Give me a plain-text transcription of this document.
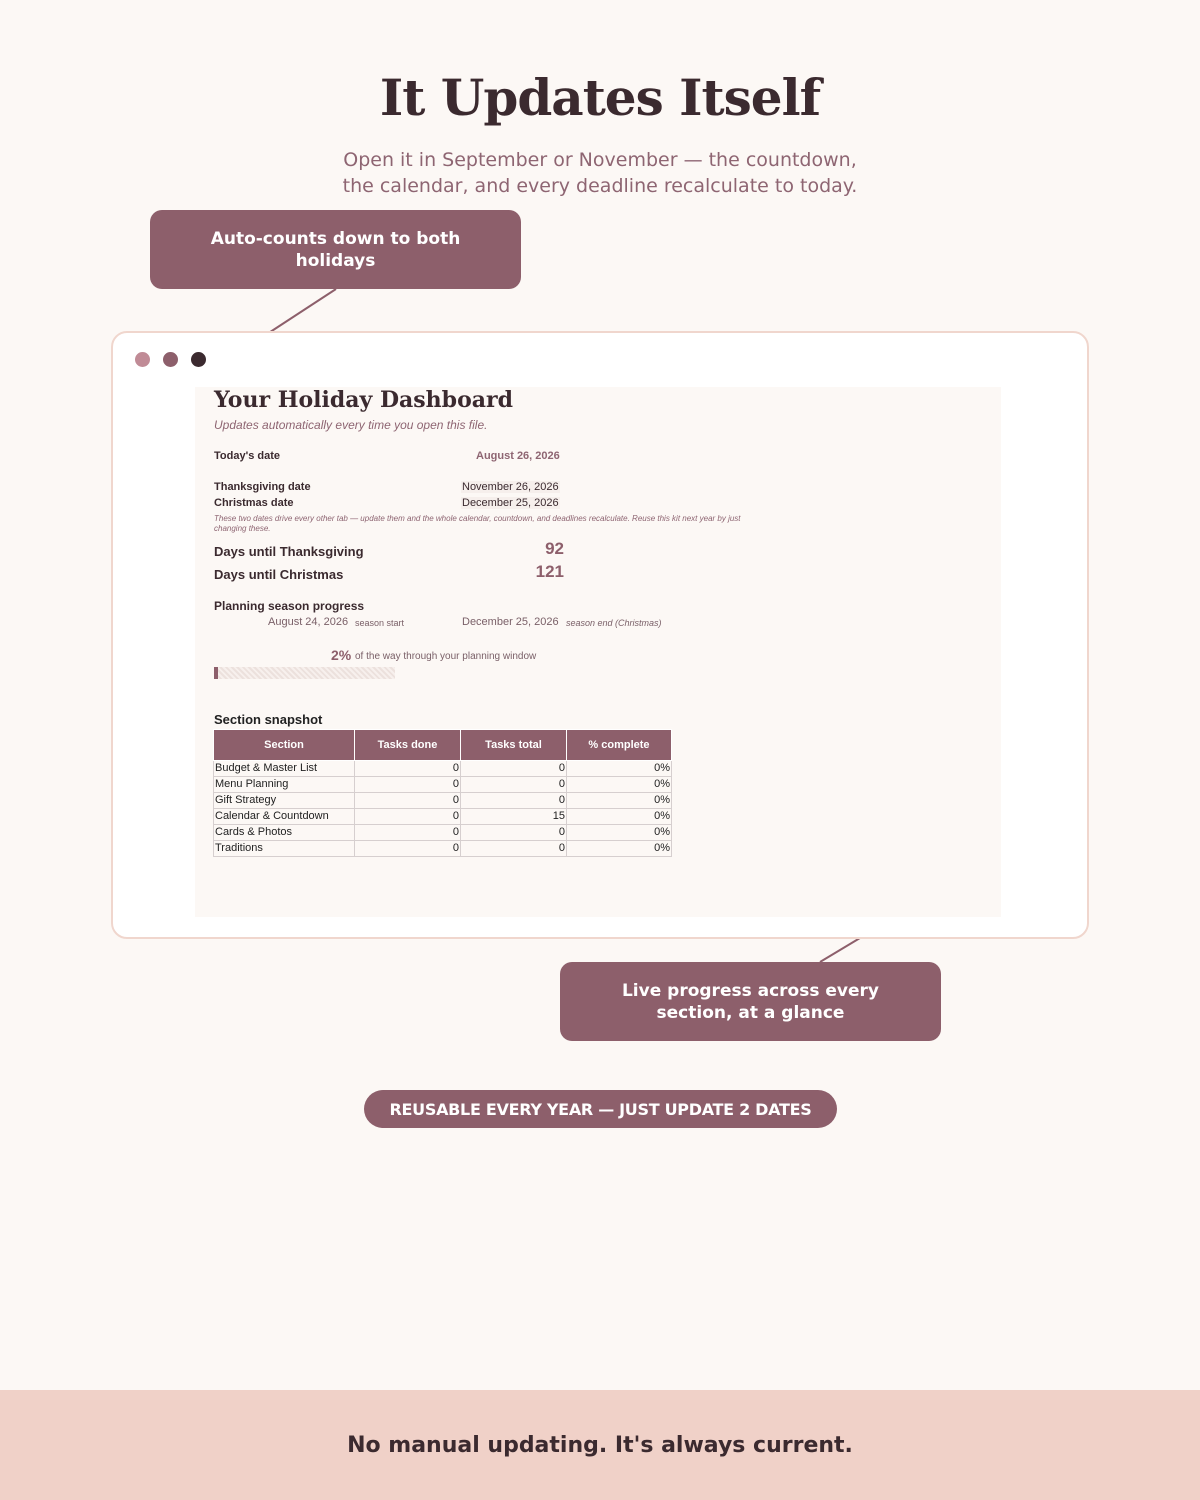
It Updates Itself

Open it in September or November — the countdown, the calendar, and every deadline recalculate to today.

Auto-counts down to both holidays
Your Holiday Dashboard
Updates automatically every time you open this file.
Today's date	August 26, 2026
Thanksgiving date	November 26, 2026
Christmas date	December 25, 2026
These two dates drive every other tab — update them and the whole calendar, countdown, and deadlines recalculate. Reuse this kit next year by just changing these.
Days until Thanksgiving	92
Days until Christmas	121
Planning season progress
August 24, 2026 season start	December 25, 2026 season end (Christmas)
2% of the way through your planning window
Section snapshot
Section	Tasks done	Tasks total	% complete
Budget & Master List	0	0	0%
Menu Planning	0	0	0%
Gift Strategy	0	0	0%
Calendar & Countdown	0	15	0%
Cards & Photos	0	0	0%
Traditions	0	0	0%
Live progress across every section, at a glance
REUSABLE EVERY YEAR — JUST UPDATE 2 DATES
No manual updating. It's always current.
